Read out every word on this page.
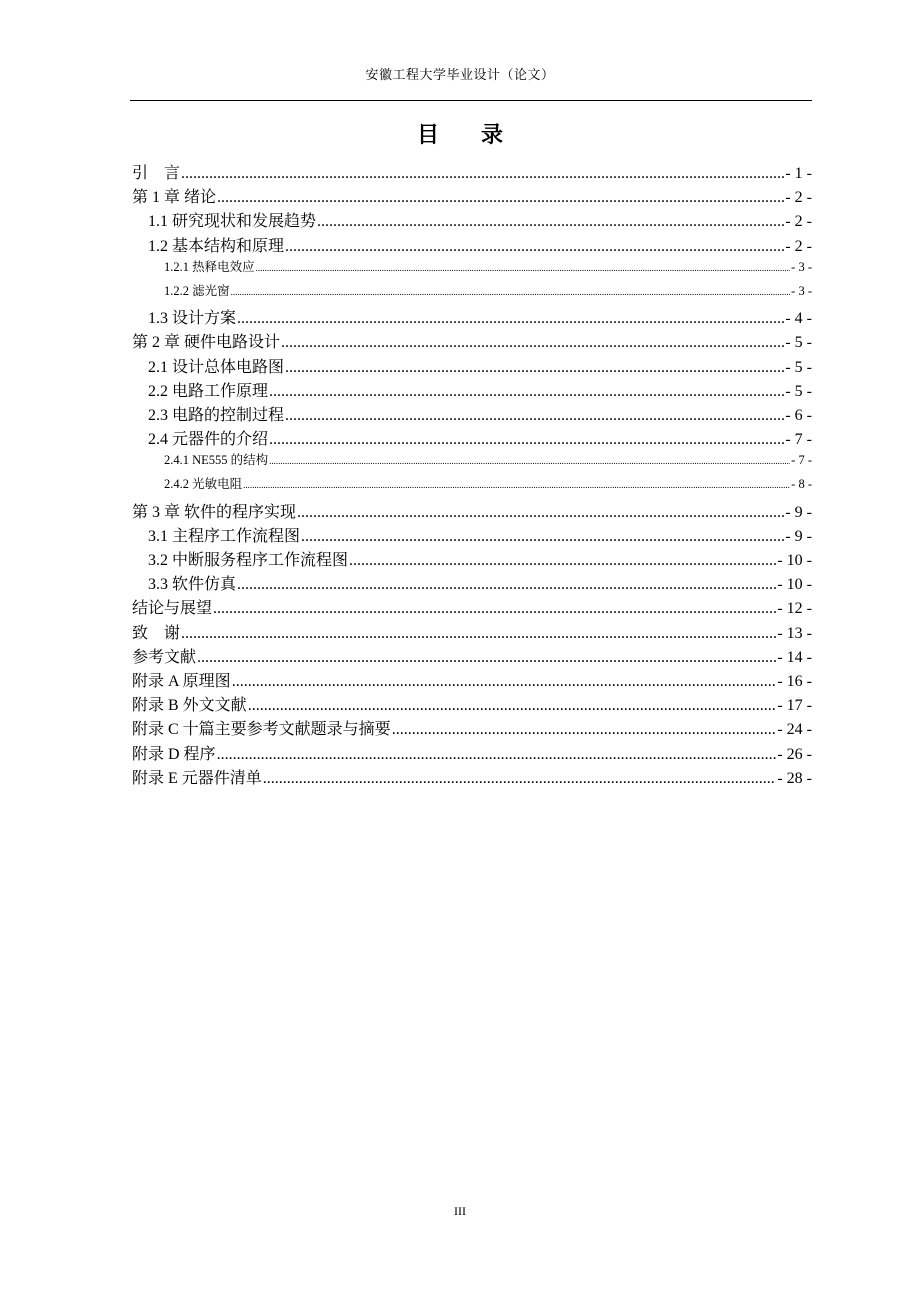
安徽工程大学毕业设计（论文）
目 录
引　言 .....	- 1 -
第 1 章 绪论 .....	- 2 -
1.1 研究现状和发展趋势 .....	- 2 -
1.2 基本结构和原理 .....	- 2 -
1.2.1 热释电效应 .....	- 3 -
1.2.2 滤光窗 .....	- 3 -
1.3 设计方案 .....	- 4 -
第 2 章 硬件电路设计 .....	- 5 -
2.1 设计总体电路图 .....	- 5 -
2.2 电路工作原理 .....	- 5 -
2.3 电路的控制过程 .....	- 6 -
2.4 元器件的介绍 .....	- 7 -
2.4.1 NE555 的结构 .....	- 7 -
2.4.2 光敏电阻 .....	- 8 -
第 3 章 软件的程序实现 .....	- 9 -
3.1 主程序工作流程图 .....	- 9 -
3.2 中断服务程序工作流程图 .....	- 10 -
3.3 软件仿真 .....	- 10 -
结论与展望 .....	- 12 -
致　谢 .....	- 13 -
参考文献 .....	- 14 -
附录 A 原理图 .....	- 16 -
附录 B 外文文献 .....	- 17 -
附录 C 十篇主要参考文献题录与摘要 .....	- 24 -
附录 D 程序 .....	- 26 -
附录 E 元器件清单 .....	- 28 -
III
